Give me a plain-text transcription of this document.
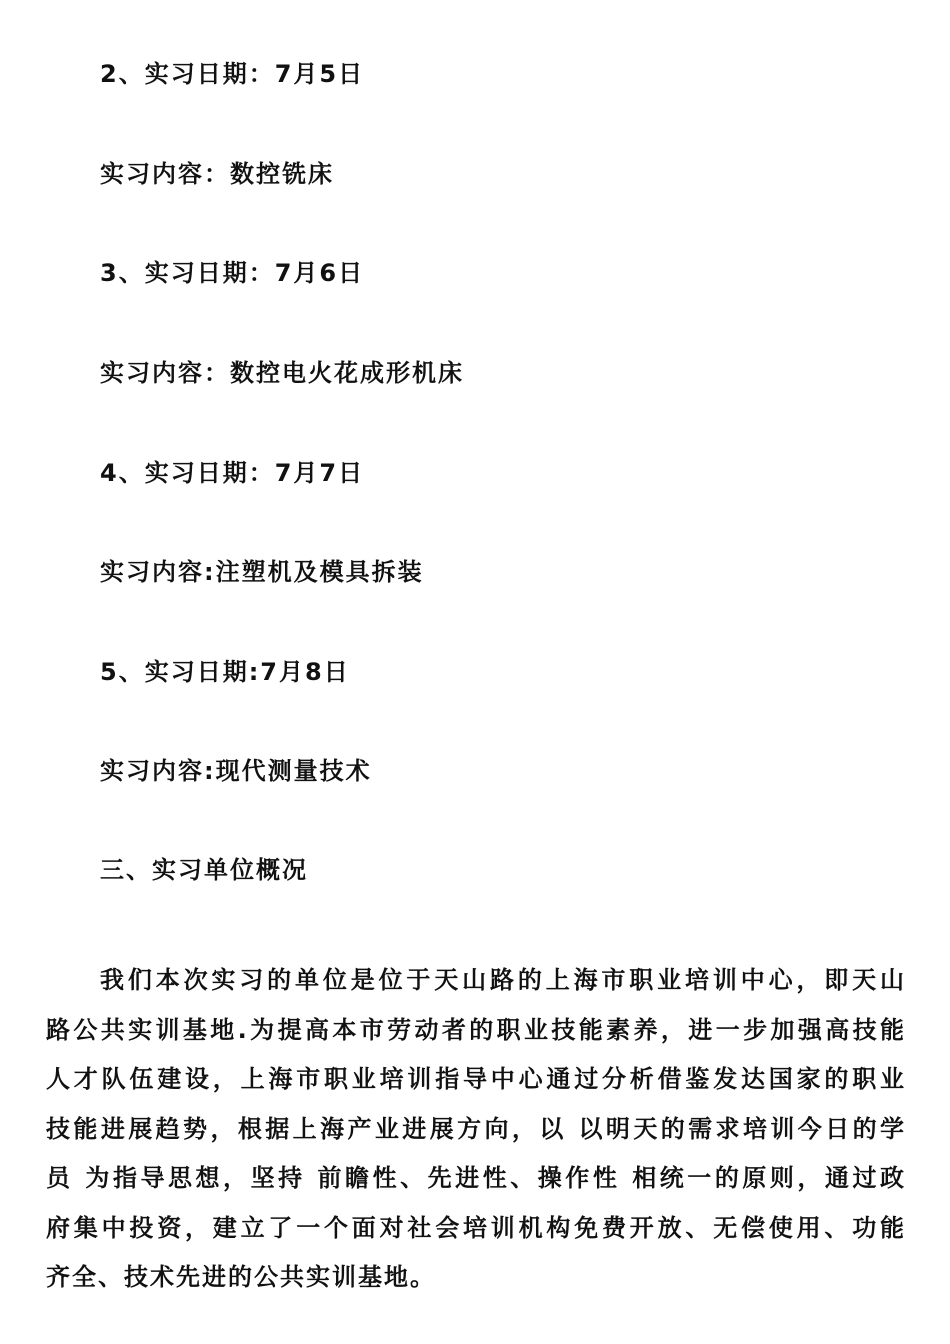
2、实习日期：7月5日
实习内容：数控铣床
3、实习日期：7月6日
实习内容：数控电火花成形机床
4、实习日期：7月7日
实习内容:注塑机及模具拆装
5、实习日期:7月8日
实习内容:现代测量技术
三、实习单位概况
我们本次实习的单位是位于天山路的上海市职业培训中心，即天山
路公共实训基地.为提高本市劳动者的职业技能素养，进一步加强高技能
人才队伍建设，上海市职业培训指导中心通过分析借鉴发达国家的职业
技能进展趋势，根据上海产业进展方向，以 以明天的需求培训今日的学
员 为指导思想，坚持 前瞻性、先进性、操作性 相统一的原则，通过政
府集中投资，建立了一个面对社会培训机构免费开放、无偿使用、功能
齐全、技术先进的公共实训基地。
